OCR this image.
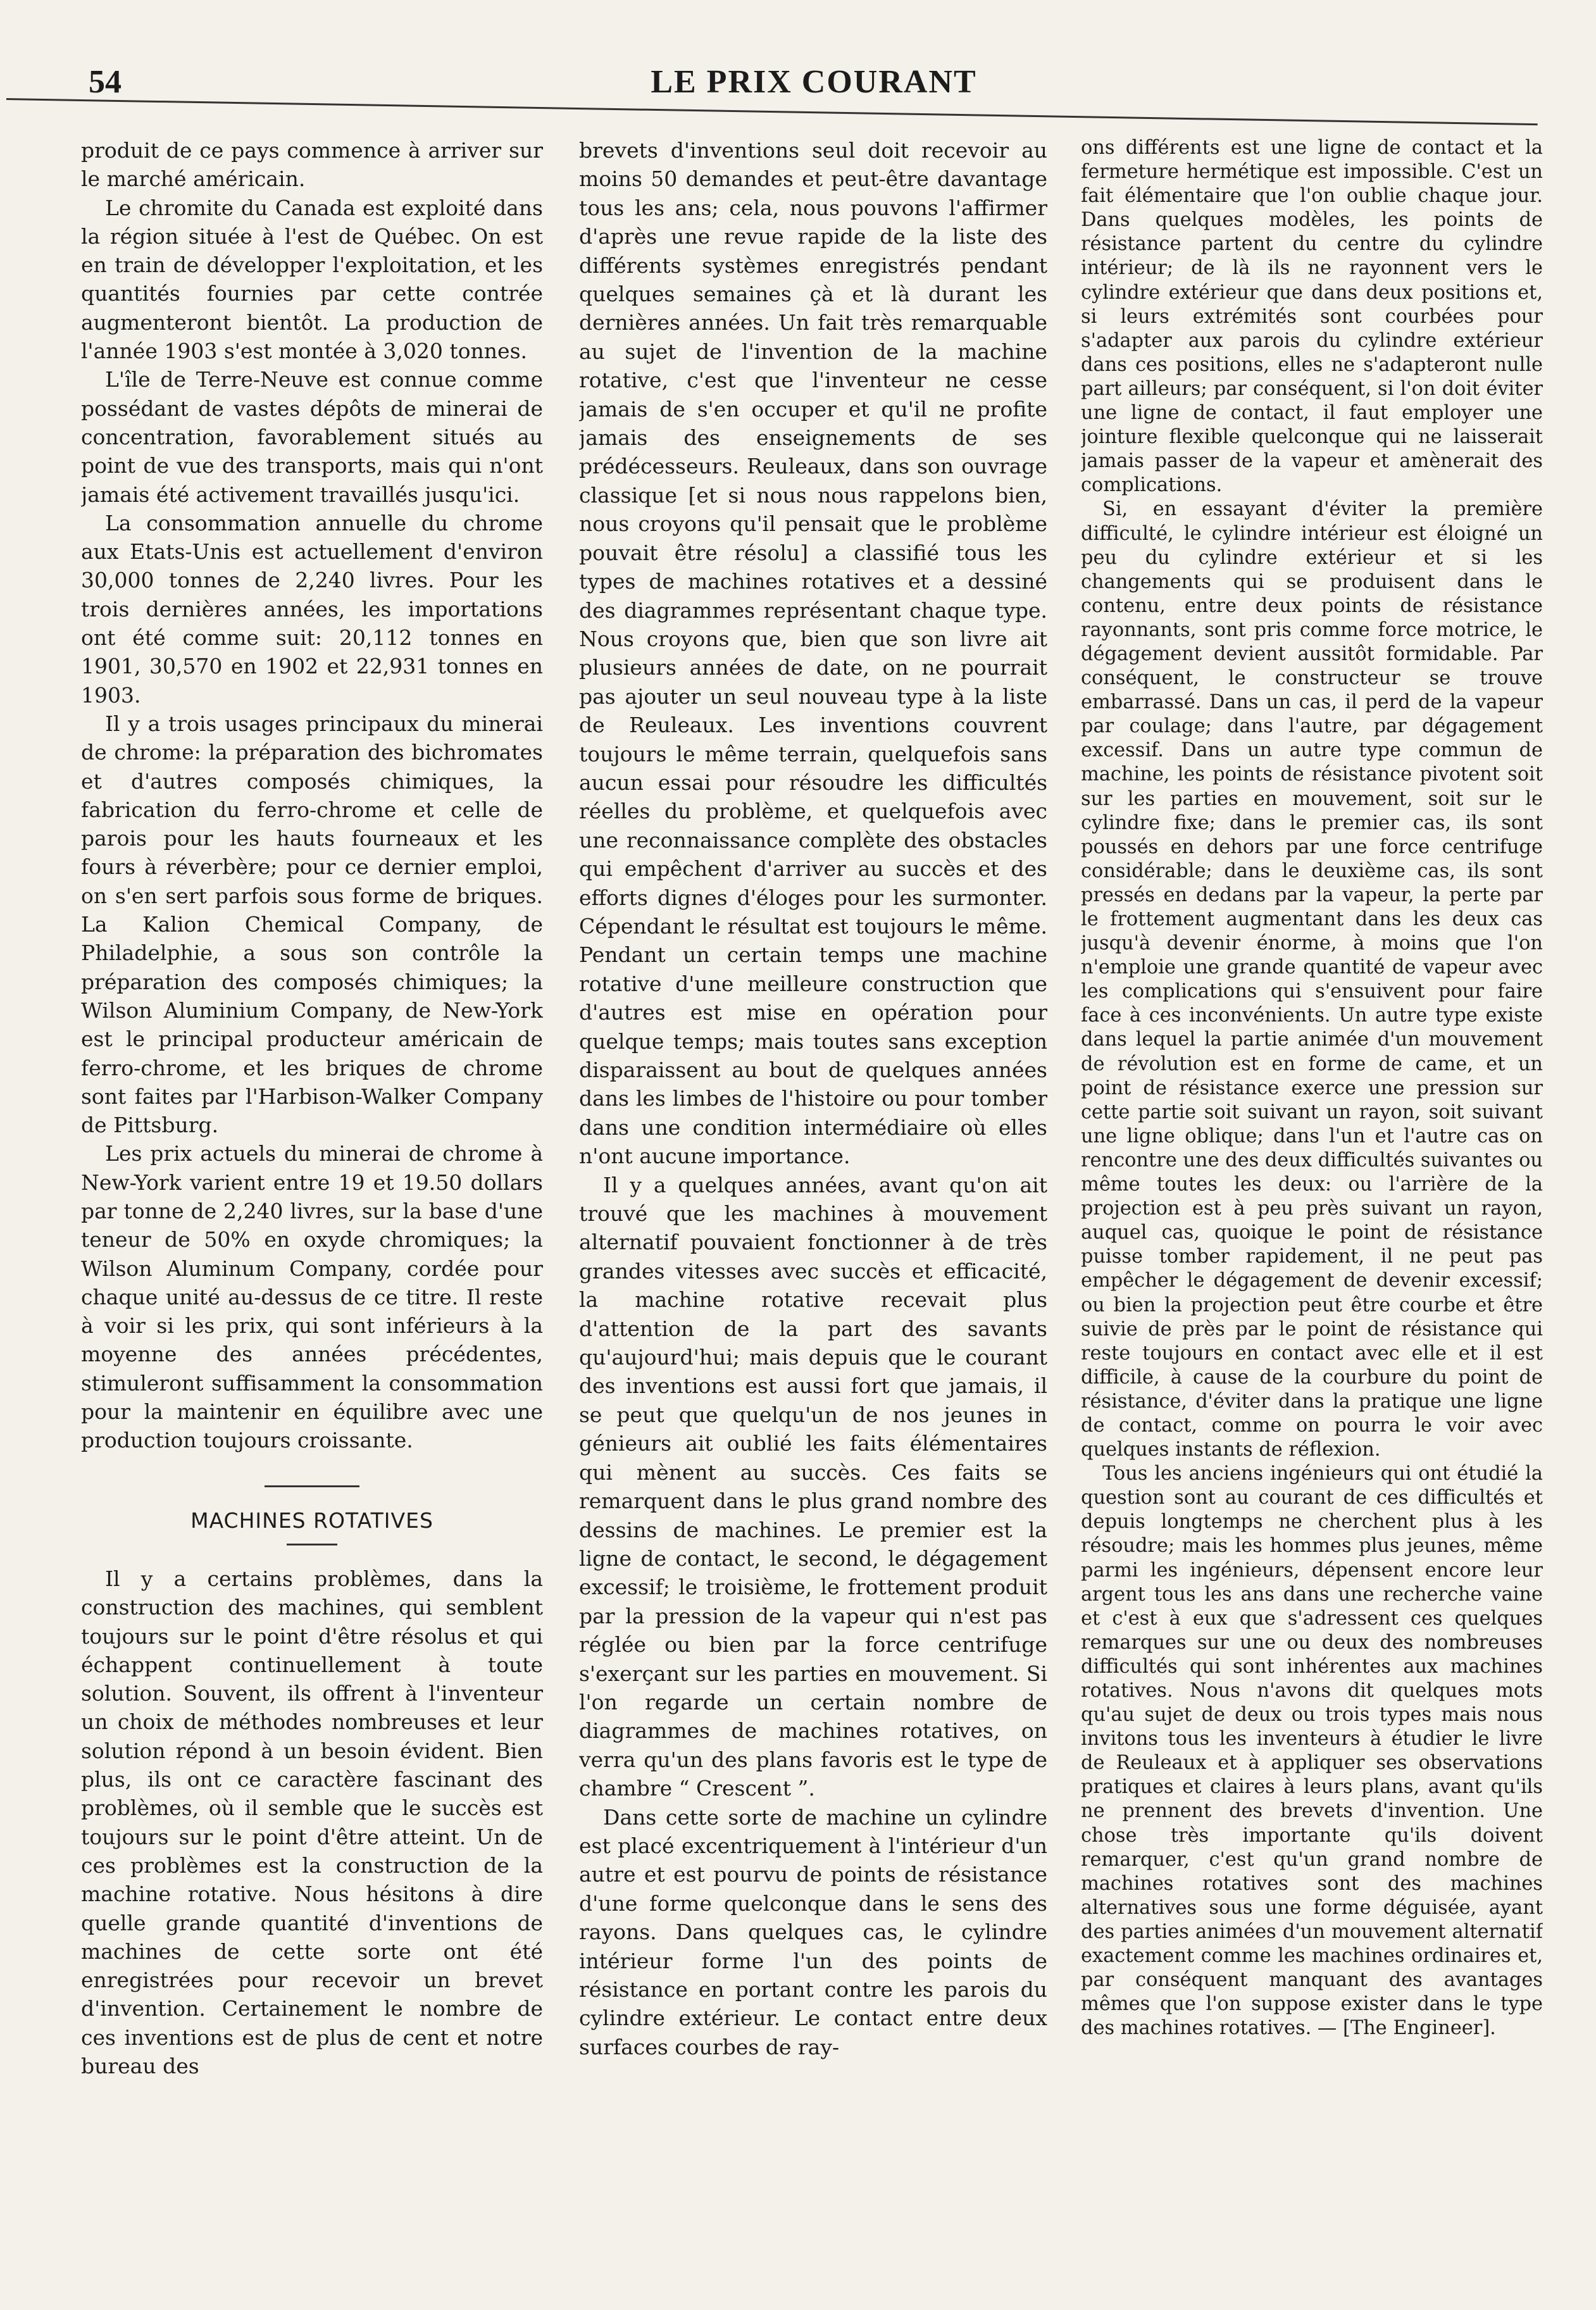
54	LE PRIX COURANT

produit de ce pays commence à arriver sur le marché américain.

Le chromite du Canada est exploité dans la région située à l'est de Québec. On est en train de développer l'exploitation, et les quantités fournies par cette contrée augmenteront bientôt. La production de l'année 1903 s'est montée à 3,020 tonnes.

L'île de Terre-Neuve est connue comme possédant de vastes dépôts de minerai de concentration, favorablement situés au point de vue des transports, mais qui n'ont jamais été activement travaillés jusqu'ici.

La consommation annuelle du chrome aux Etats-Unis est actuellement d'environ 30,000 tonnes de 2,240 livres. Pour les trois dernières années, les importations ont été comme suit: 20,112 tonnes en 1901, 30,570 en 1902 et 22,931 tonnes en 1903.

Il y a trois usages principaux du minerai de chrome: la préparation des bichromates et d'autres composés chimiques, la fabrication du ferro-chrome et celle de parois pour les hauts fourneaux et les fours à réverbère; pour ce dernier emploi, on s'en sert parfois sous forme de briques. La Kalion Chemical Company, de Philadelphie, a sous son contrôle la préparation des composés chimiques; la Wilson Aluminium Company, de New-York est le principal producteur américain de ferro-chrome, et les briques de chrome sont faites par l'Harbison-Walker Company de Pittsburg.

Les prix actuels du minerai de chrome à New-York varient entre 19 et 19.50 dollars par tonne de 2,240 livres, sur la base d'une teneur de 50% en oxyde chromiques; la Wilson Aluminum Company, cordée pour chaque unité au-dessus de ce titre. Il reste à voir si les prix, qui sont inférieurs à la moyenne des années précédentes, stimuleront suffisamment la consommation pour la maintenir en équilibre avec une production toujours croissante.

MACHINES ROTATIVES

Il y a certains problèmes, dans la construction des machines, qui semblent toujours sur le point d'être résolus et qui échappent continuellement à toute solution. Souvent, ils offrent à l'inventeur un choix de méthodes nombreuses et leur solution répond à un besoin évident. Bien plus, ils ont ce caractère fascinant des problèmes, où il semble que le succès est toujours sur le point d'être atteint. Un de ces problèmes est la construction de la machine rotative. Nous hésitons à dire quelle grande quantité d'inventions de machines de cette sorte ont été enregistrées pour recevoir un brevet d'invention. Certainement le nombre de ces inventions est de plus de cent et notre bureau des

brevets d'inventions seul doit recevoir au moins 50 demandes et peut-être davantage tous les ans; cela, nous pouvons l'affirmer d'après une revue rapide de la liste des différents systèmes enregistrés pendant quelques semaines çà et là durant les dernières années. Un fait très remarquable au sujet de l'invention de la machine rotative, c'est que l'inventeur ne cesse jamais de s'en occuper et qu'il ne profite jamais des enseignements de ses prédécesseurs. Reuleaux, dans son ouvrage classique [et si nous nous rappelons bien, nous croyons qu'il pensait que le problème pouvait être résolu] a classifié tous les types de machines rotatives et a dessiné des diagrammes représentant chaque type. Nous croyons que, bien que son livre ait plusieurs années de date, on ne pourrait pas ajouter un seul nouveau type à la liste de Reuleaux. Les inventions couvrent toujours le même terrain, quelquefois sans aucun essai pour résoudre les difficultés réelles du problème, et quelquefois avec une reconnaissance complète des obstacles qui empêchent d'arriver au succès et des efforts dignes d'éloges pour les surmonter. Cépendant le résultat est toujours le même. Pendant un certain temps une machine rotative d'une meilleure construction que d'autres est mise en opération pour quelque temps; mais toutes sans exception disparaissent au bout de quelques années dans les limbes de l'histoire ou pour tomber dans une condition intermédiaire où elles n'ont aucune importance.

Il y a quelques années, avant qu'on ait trouvé que les machines à mouvement alternatif pouvaient fonctionner à de très grandes vitesses avec succès et efficacité, la machine rotative recevait plus d'attention de la part des savants qu'aujourd'hui; mais depuis que le courant des inventions est aussi fort que jamais, il se peut que quelqu'un de nos jeunes in génieurs ait oublié les faits élémentaires qui mènent au succès. Ces faits se remarquent dans le plus grand nombre des dessins de machines. Le premier est la ligne de contact, le second, le dégagement excessif; le troisième, le frottement produit par la pression de la vapeur qui n'est pas réglée ou bien par la force centrifuge s'exerçant sur les parties en mouvement. Si l'on regarde un certain nombre de diagrammes de machines rotatives, on verra qu'un des plans favoris est le type de chambre “ Crescent ”.

Dans cette sorte de machine un cylindre est placé excentriquement à l'intérieur d'un autre et est pourvu de points de résistance d'une forme quelconque dans le sens des rayons. Dans quelques cas, le cylindre intérieur forme l'un des points de résistance en portant contre les parois du cylindre extérieur. Le contact entre deux surfaces courbes de ray-

ons différents est une ligne de contact et la fermeture hermétique est impossible. C'est un fait élémentaire que l'on oublie chaque jour. Dans quelques modèles, les points de résistance partent du centre du cylindre intérieur; de là ils ne rayonnent vers le cylindre extérieur que dans deux positions et, si leurs extrémités sont courbées pour s'adapter aux parois du cylindre extérieur dans ces positions, elles ne s'adapteront nulle part ailleurs; par conséquent, si l'on doit éviter une ligne de contact, il faut employer une jointure flexible quelconque qui ne laisserait jamais passer de la vapeur et amènerait des complications.

Si, en essayant d'éviter la première difficulté, le cylindre intérieur est éloigné un peu du cylindre extérieur et si les changements qui se produisent dans le contenu, entre deux points de résistance rayonnants, sont pris comme force motrice, le dégagement devient aussitôt formidable. Par conséquent, le constructeur se trouve embarrassé. Dans un cas, il perd de la vapeur par coulage; dans l'autre, par dégagement excessif. Dans un autre type commun de machine, les points de résistance pivotent soit sur les parties en mouvement, soit sur le cylindre fixe; dans le premier cas, ils sont poussés en dehors par une force centrifuge considérable; dans le deuxième cas, ils sont pressés en dedans par la vapeur, la perte par le frottement augmentant dans les deux cas jusqu'à devenir énorme, à moins que l'on n'emploie une grande quantité de vapeur avec les complications qui s'ensuivent pour faire face à ces inconvénients. Un autre type existe dans lequel la partie animée d'un mouvement de révolution est en forme de came, et un point de résistance exerce une pression sur cette partie soit suivant un rayon, soit suivant une ligne oblique; dans l'un et l'autre cas on rencontre une des deux difficultés suivantes ou même toutes les deux: ou l'arrière de la projection est à peu près suivant un rayon, auquel cas, quoique le point de résistance puisse tomber rapidement, il ne peut pas empêcher le dégagement de devenir excessif; ou bien la projection peut être courbe et être suivie de près par le point de résistance qui reste toujours en contact avec elle et il est difficile, à cause de la courbure du point de résistance, d'éviter dans la pratique une ligne de contact, comme on pourra le voir avec quelques instants de réflexion.

Tous les anciens ingénieurs qui ont étudié la question sont au courant de ces difficultés et depuis longtemps ne cherchent plus à les résoudre; mais les hommes plus jeunes, même parmi les ingénieurs, dépensent encore leur argent tous les ans dans une recherche vaine et c'est à eux que s'adressent ces quelques remarques sur une ou deux des nombreuses difficultés qui sont inhérentes aux machines rotatives. Nous n'avons dit quelques mots qu'au sujet de deux ou trois types mais nous invitons tous les inventeurs à étudier le livre de Reuleaux et à appliquer ses observations pratiques et claires à leurs plans, avant qu'ils ne prennent des brevets d'invention. Une chose très importante qu'ils doivent remarquer, c'est qu'un grand nombre de machines rotatives sont des machines alternatives sous une forme déguisée, ayant des parties animées d'un mouvement alternatif exactement comme les machines ordinaires et, par conséquent manquant des avantages mêmes que l'on suppose exister dans le type des machines rotatives. — [The Engineer].
